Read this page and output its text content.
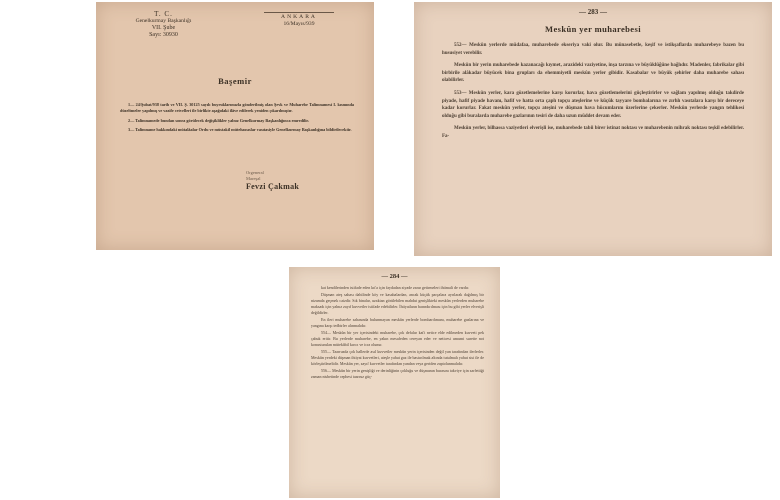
T. C.
Genelkurmay Başkanlığı
VII. Şube
Sayı: 30930
ANKARA
16/Mayıs/939
Başemir

1— 24/Şubat/938 tarih ve VII. Ş. 30125 sayılı buyruklarımızla gönderilmiş olan Şevk ve Muharebe Talimnamesi I. kısmında düzeltmeler yapılmış ve vazife cetvelleri ile birlikte aşağıdaki ilâve edilerek yeniden çıkarılmıştır.

2— Talimnamede bundan sonra görülecek değişiklikler yalnız Genelkurmay Başkanlığınca emredilir.

3— Talimname hakkındaki mütalâalar Ordu ve müstakil mütehassıslar vasıtasiyle Genelkurmay Başkanlığına bildirilecektir.

Orgeneral
Mareşal
Fevzi Çakmak
— 283 —
Meskûn yer muharebesi

552— Meskûn yerlerde müdafaa, muharebede ekseriya vaki olur. Bu münasebetle, keşif ve istikşaflarda muharebeye bazen bu hususiyet verebilir.

Meskûn bir yerin muharebede kazanacağı kıymet, arazideki vaziyetine, inşa tarzına ve büyüklüğüne bağlıdır. Madenler, fabrikalar gibi birbirile alâkadar büyücek bina grupları da ehemmiyetli meskûn yerler gibidir. Kasabalar ve büyük şehirler daha muharebe sahası olabilirler.

553— Meskûn yerler, kara gözetlemelerine karşı korurlar, hava gözetlemelerini güçleştirirler ve sağlam yapılmış olduğu takdirde piyade, hafif piyade havanı, hafif ve hatta orta çaplı topçu ateşlerine ve küçük tayyare bombalarına ve zırhlı vasıtalara karşı bir dereceye kadar korurlar. Fakat meskûn yerler, topçu ateşini ve düşman hava hücumlarını üzerlerine çekerler. Meskûn yerlerde yangın tehlikesi olduğu gibi buralarda muharebe gazlarının tesiri de daha uzun müddet devam eder.

Meskûn yerler, bilhassa vaziyetleri elverişli ise, muharebede tabii birer istinat noktası ve muharebenin mihrak noktası teşkil edebilirler. Fa-

— 284 —

kat kendilerinden istifade eden kıt'a için faydadan ziyade zarar getirmeleri ihtimali de vardır.

Düşman ateş sahası dahilinde köy ve kasabalardan, ancak küçük parçalara ayrılarak dağılmış bir nizamda geçmek caizdir. Sık binalar, uzaktan görülebilen mahdut genişlikteki meskûn yerlerden muharebe maksadı için yalnız zayıf kuvvetler istifade edebilirler. İhtiyatların barındırılması için bu gibi yerler elverişli değildirler.

En ileri muharebe sahasında bulunmayan meskûn yerlerde bombardımanı, muharebe gazlarına ve yangına karşı tedbirler alınmalıdır.

554— Meskûn bir yer içerisindeki muharebe, çok defalar kat'i netice elde edilmeden kuvveti pek çabuk eritir. Bu yerlerde muharebe, en yakın mesafeden cereyan eder ve neticesi umumi surette not konusturulan mütekâbil kırıcı ve icra olunur.

555— Taarruzda çok hallerde asıl kuvvetler meskûn yerin içerisinden değil yan tarafından ilerlerler. Meskûn yerdeki düşman ihtiyat kuvvetleri, ateşle yahut gaz ile bastırılmak altında tutulmalı yahut sisi ile de körleştirilmelidir. Meskûn yer, zayıf kuvvetler tarafından yandan veya geriden zaptolunmalıdır.

556— Meskûn bir yerin genişliği ve derinliğinin çokluğu ve düşmanın burasını takviye için sarfettiği zaman nisbetinde cephesi taarruz güç-
